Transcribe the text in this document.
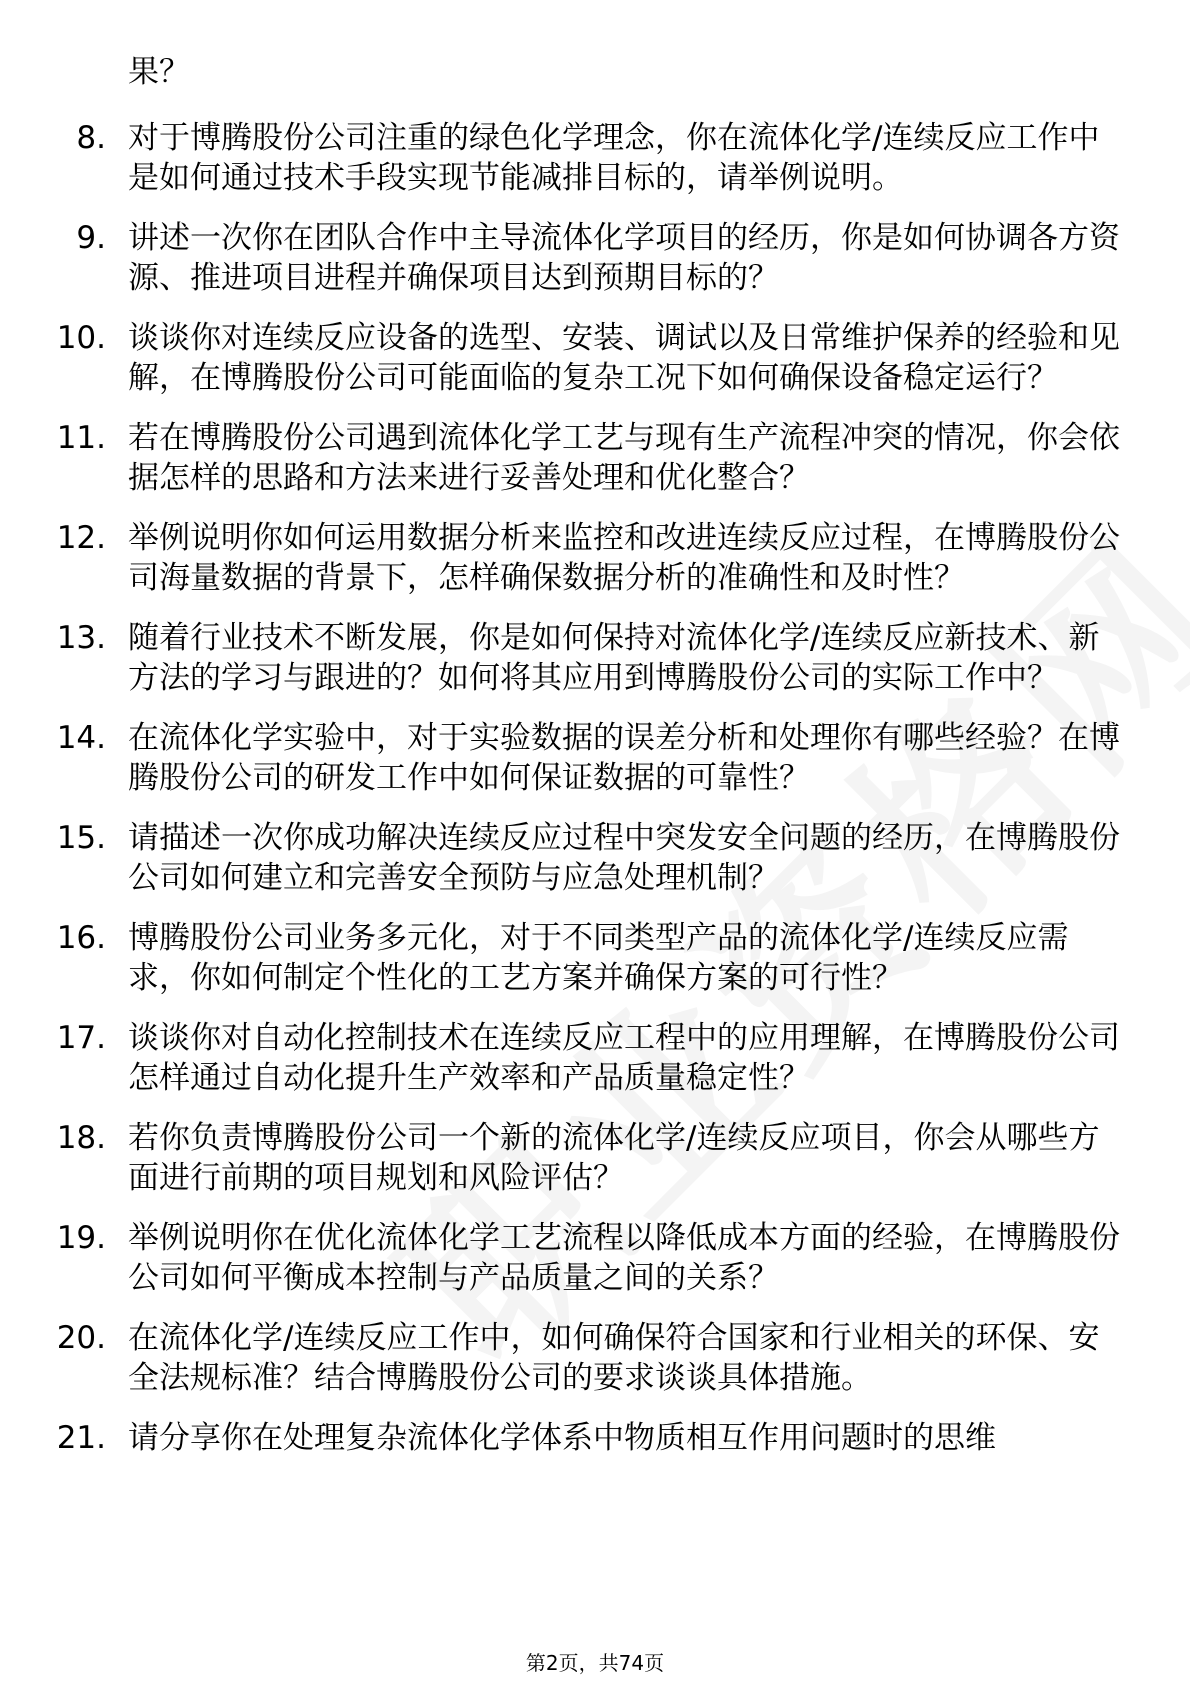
果？

8. 对于博腾股份公司注重的绿色化学理念，你在流体化学/连续反应工作中是如何通过技术手段实现节能减排目标的，请举例说明。
9. 讲述一次你在团队合作中主导流体化学项目的经历，你是如何协调各方资源、推进项目进程并确保项目达到预期目标的？
10. 谈谈你对连续反应设备的选型、安装、调试以及日常维护保养的经验和见解，在博腾股份公司可能面临的复杂工况下如何确保设备稳定运行？
11. 若在博腾股份公司遇到流体化学工艺与现有生产流程冲突的情况，你会依据怎样的思路和方法来进行妥善处理和优化整合？
12. 举例说明你如何运用数据分析来监控和改进连续反应过程，在博腾股份公司海量数据的背景下，怎样确保数据分析的准确性和及时性？
13. 随着行业技术不断发展，你是如何保持对流体化学/连续反应新技术、新方法的学习与跟进的？如何将其应用到博腾股份公司的实际工作中？
14. 在流体化学实验中，对于实验数据的误差分析和处理你有哪些经验？在博腾股份公司的研发工作中如何保证数据的可靠性？
15. 请描述一次你成功解决连续反应过程中突发安全问题的经历，在博腾股份公司如何建立和完善安全预防与应急处理机制？
16. 博腾股份公司业务多元化，对于不同类型产品的流体化学/连续反应需求，你如何制定个性化的工艺方案并确保方案的可行性？
17. 谈谈你对自动化控制技术在连续反应工程中的应用理解，在博腾股份公司怎样通过自动化提升生产效率和产品质量稳定性？
18. 若你负责博腾股份公司一个新的流体化学/连续反应项目，你会从哪些方面进行前期的项目规划和风险评估？
19. 举例说明你在优化流体化学工艺流程以降低成本方面的经验，在博腾股份公司如何平衡成本控制与产品质量之间的关系？
20. 在流体化学/连续反应工作中，如何确保符合国家和行业相关的环保、安全法规标准？结合博腾股份公司的要求谈谈具体措施。
21. 请分享你在处理复杂流体化学体系中物质相互作用问题时的思维
第2页，共74页
